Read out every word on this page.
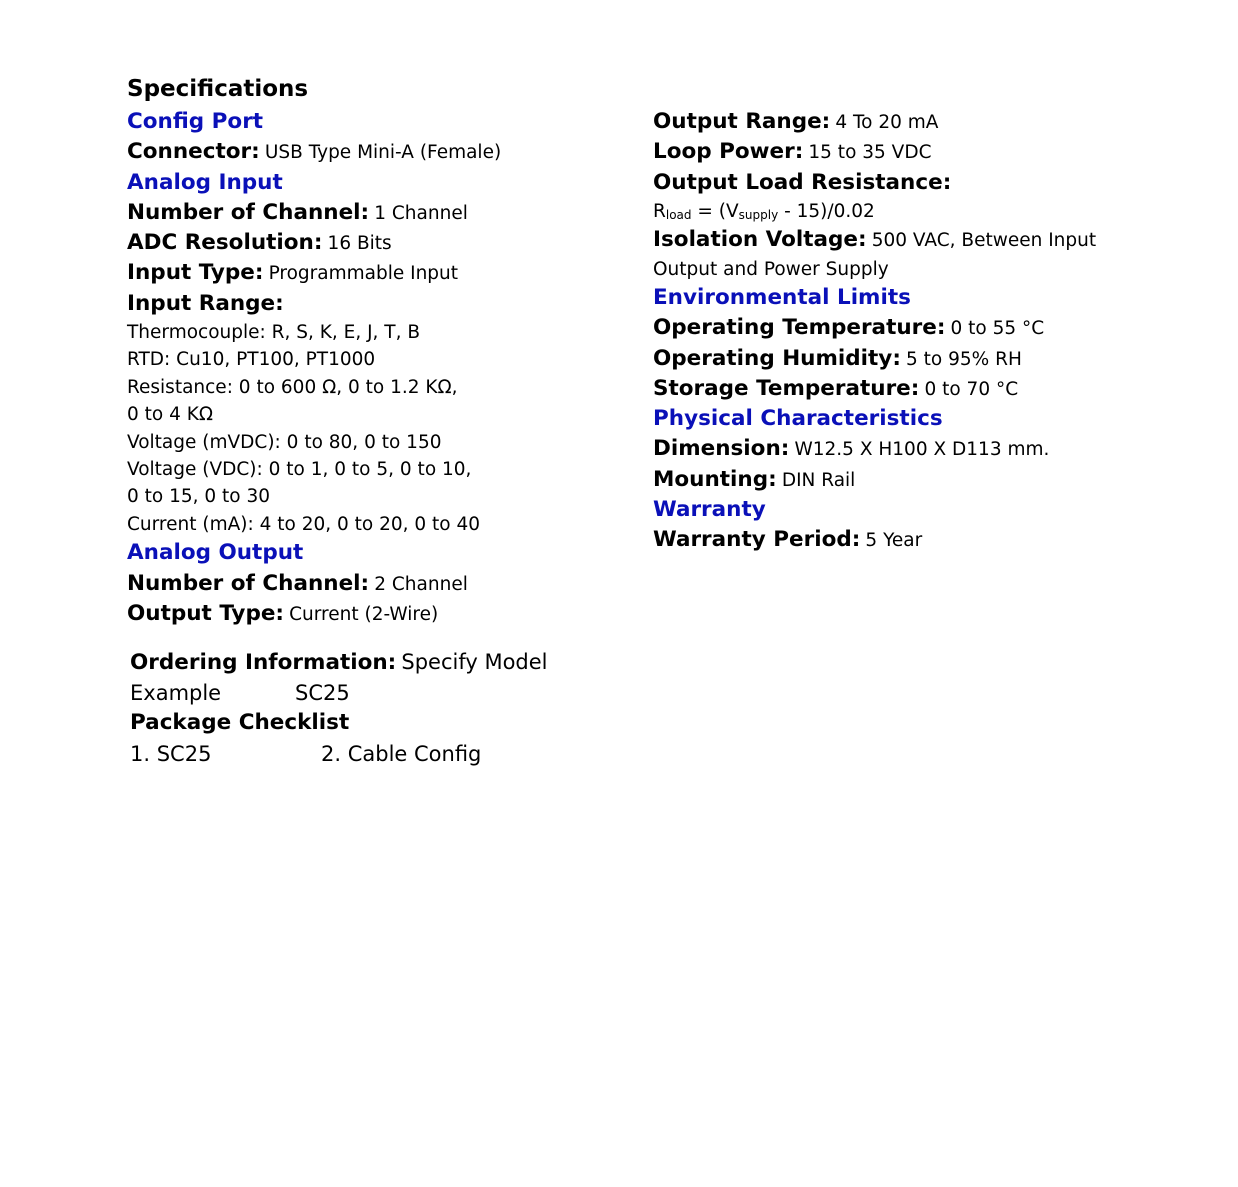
Specifications
Config Port
Connector: USB Type Mini-A (Female)
Analog Input
Number of Channel: 1 Channel
ADC Resolution: 16 Bits
Input Type: Programmable Input
Input Range:
Thermocouple: R, S, K, E, J, T, B
RTD: Cu10, PT100, PT1000
Resistance: 0 to 600 Ω, 0 to 1.2 KΩ,
0 to 4 KΩ
Voltage (mVDC): 0 to 80, 0 to 150
Voltage (VDC): 0 to 1, 0 to 5, 0 to 10,
0 to 15, 0 to 30
Current (mA): 4 to 20, 0 to 20, 0 to 40
Analog Output
Number of Channel: 2 Channel
Output Type: Current (2-Wire)
Output Range: 4 To 20 mA
Loop Power: 15 to 35 VDC
Output Load Resistance:
$R_{load} = (V_{supply} - 15)/0.02$
Isolation Voltage: 500 VAC, Between Input
Output and Power Supply
Environmental Limits
Operating Temperature: 0 to 55 °C
Operating Humidity: 5 to 95% RH
Storage Temperature: 0 to 70 °C
Physical Characteristics
Dimension: W12.5 X H100 X D113 mm.
Mounting: DIN Rail
Warranty
Warranty Period: 5 Year
Ordering Information: Specify Model
Example	SC25
Package Checklist
1. SC25	2. Cable Config
